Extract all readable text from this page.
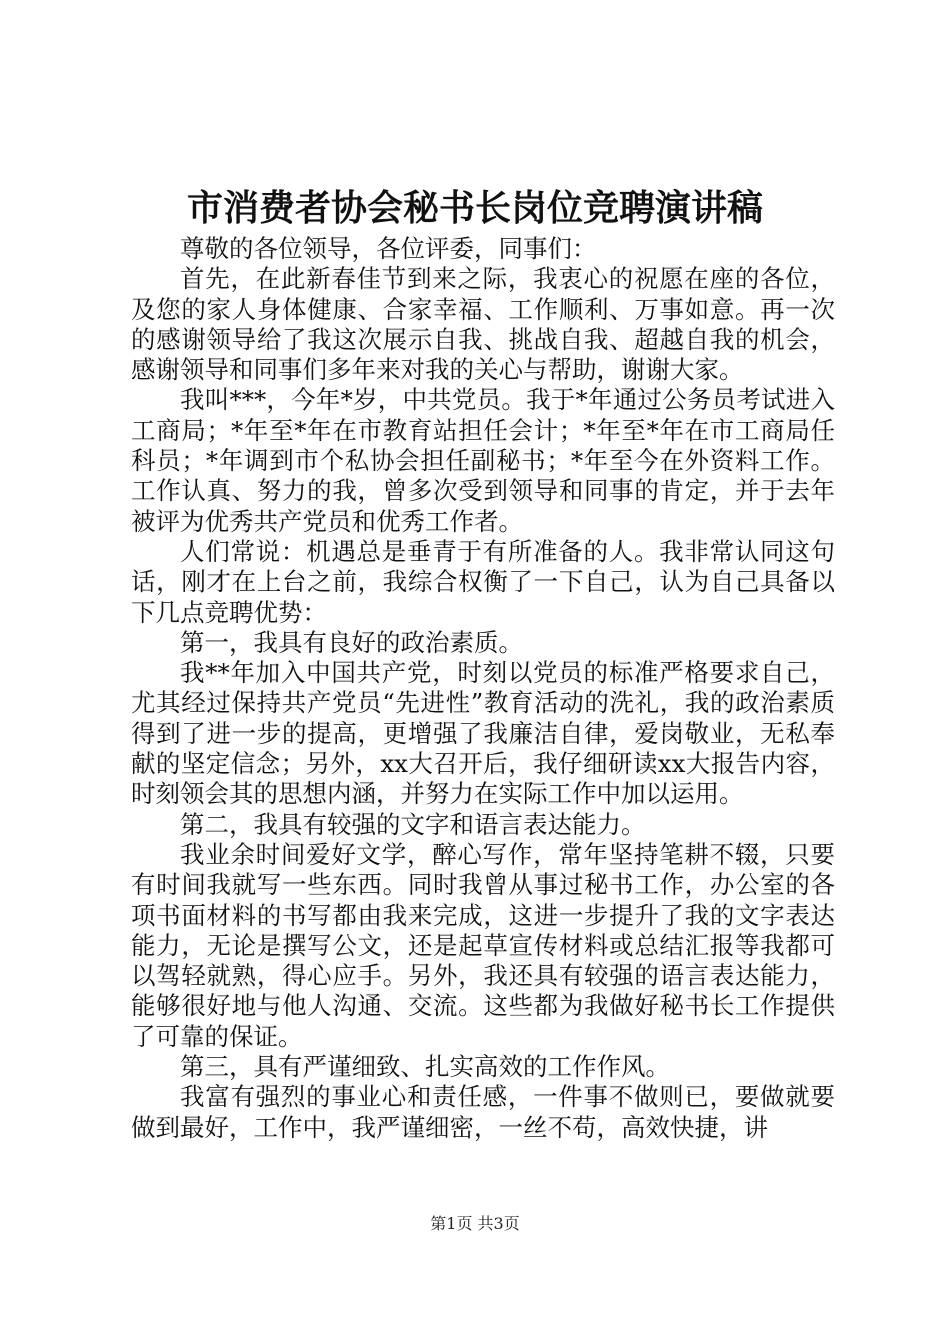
市消费者协会秘书长岗位竞聘演讲稿

尊敬的各位领导，各位评委，同事们：

首先，在此新春佳节到来之际，我衷心的祝愿在座的各位，及您的家人身体健康、合家幸福、工作顺利、万事如意。再一次的感谢领导给了我这次展示自我、挑战自我、超越自我的机会，感谢领导和同事们多年来对我的关心与帮助，谢谢大家。

我叫***，今年*岁，中共党员。我于*年通过公务员考试进入工商局；*年至*年在市教育站担任会计；*年至*年在市工商局任科员；*年调到市个私协会担任副秘书；*年至今在外资料工作。工作认真、努力的我，曾多次受到领导和同事的肯定，并于去年被评为优秀共产党员和优秀工作者。

人们常说：机遇总是垂青于有所准备的人。我非常认同这句话，刚才在上台之前，我综合权衡了一下自己，认为自己具备以下几点竞聘优势：

第一，我具有良好的政治素质。

我**年加入中国共产党，时刻以党员的标准严格要求自己，尤其经过保持共产党员“先进性”教育活动的洗礼，我的政治素质得到了进一步的提高，更增强了我廉洁自律，爱岗敬业，无私奉献的坚定信念；另外，xx大召开后，我仔细研读xx大报告内容，时刻领会其的思想内涵，并努力在实际工作中加以运用。

第二，我具有较强的文字和语言表达能力。

我业余时间爱好文学，醉心写作，常年坚持笔耕不辍，只要有时间我就写一些东西。同时我曾从事过秘书工作，办公室的各项书面材料的书写都由我来完成，这进一步提升了我的文字表达能力，无论是撰写公文，还是起草宣传材料或总结汇报等我都可以驾轻就熟，得心应手。另外，我还具有较强的语言表达能力，能够很好地与他人沟通、交流。这些都为我做好秘书长工作提供了可靠的保证。

第三，具有严谨细致、扎实高效的工作作风。

我富有强烈的事业心和责任感，一件事不做则已，要做就要做到最好，工作中，我严谨细密，一丝不苟，高效快捷，讲

第1页 共3页
